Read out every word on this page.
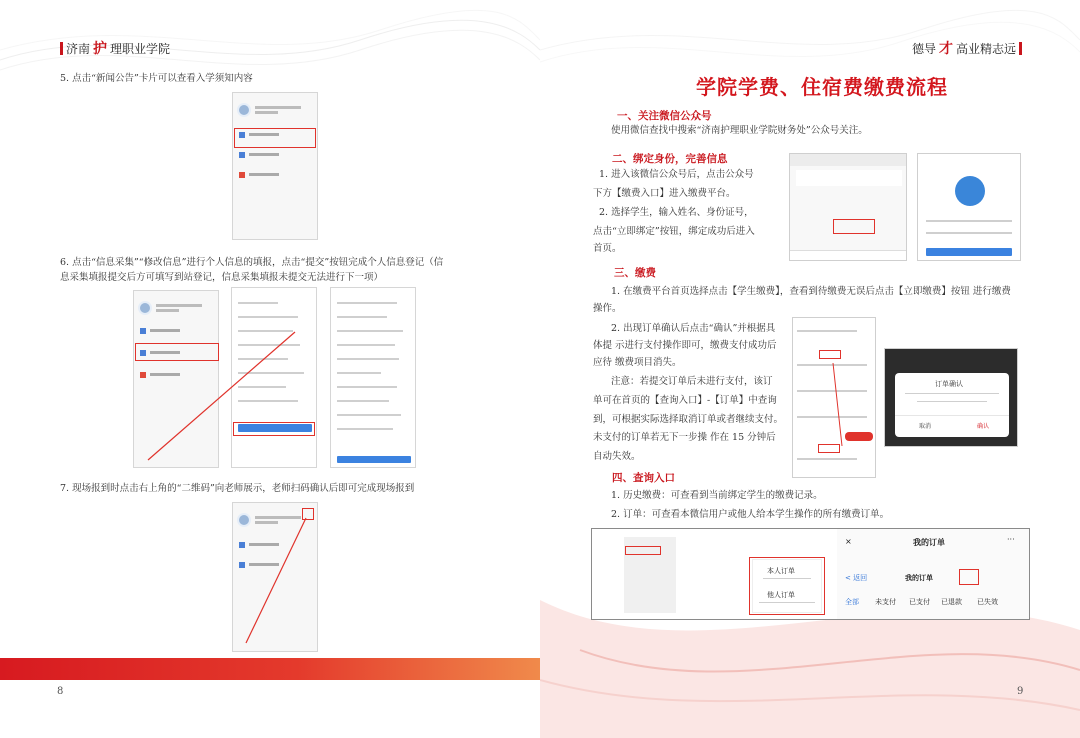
济南 护 理职业学院
5. 点击“新闻公告”卡片可以查看入学须知内容
6. 点击“信息采集”“修改信息”进行个人信息的填报，点击“提交”按钮完成个人信息登记（信
息采集填报提交后方可填写到站登记，信息采集填报未提交无法进行下一项）
7. 现场报到时点击右上角的“二维码”向老师展示，老师扫码确认后即可完成现场报到
8
德导 才 高业精志远
学院学费、住宿费缴费流程
一、关注微信公众号
使用微信查找中搜索“济南护理职业学院财务处”公众号关注。
二、绑定身份，完善信息
1. 进入该微信公众号后，点击公众号
下方【缴费入口】进入缴费平台。
2. 选择学生，输入姓名、身份证号，
点击“立即绑定”按钮，绑定成功后进入
首页。
三、缴费
1. 在缴费平台首页选择点击【学生缴费】，查看到待缴费无误后点击【立即缴费】按钮 进行缴费
操作。
2. 出现订单确认后点击“确认”并根据具
体提 示进行支付操作即可，缴费支付成功后
应待 缴费项目消失。
注意：若提交订单后未进行支付，该订
单可在首页的【查询入口】-【订单】中查询
到，可根据实际选择取消订单或者继续支付。
未支付的订单若无下一步操 作在 15 分钟后
自动失效。
订单确认
取消	确认
四、查询入口
1. 历史缴费：可查看到当前绑定学生的缴费记录。
2. 订单：可查看本微信用户或他人给本学生操作的所有缴费订单。
本人订单
他人订单
×	我的订单	···
< 返回	我的订单
全部 未支付 已支付 已退款 已失效
9
